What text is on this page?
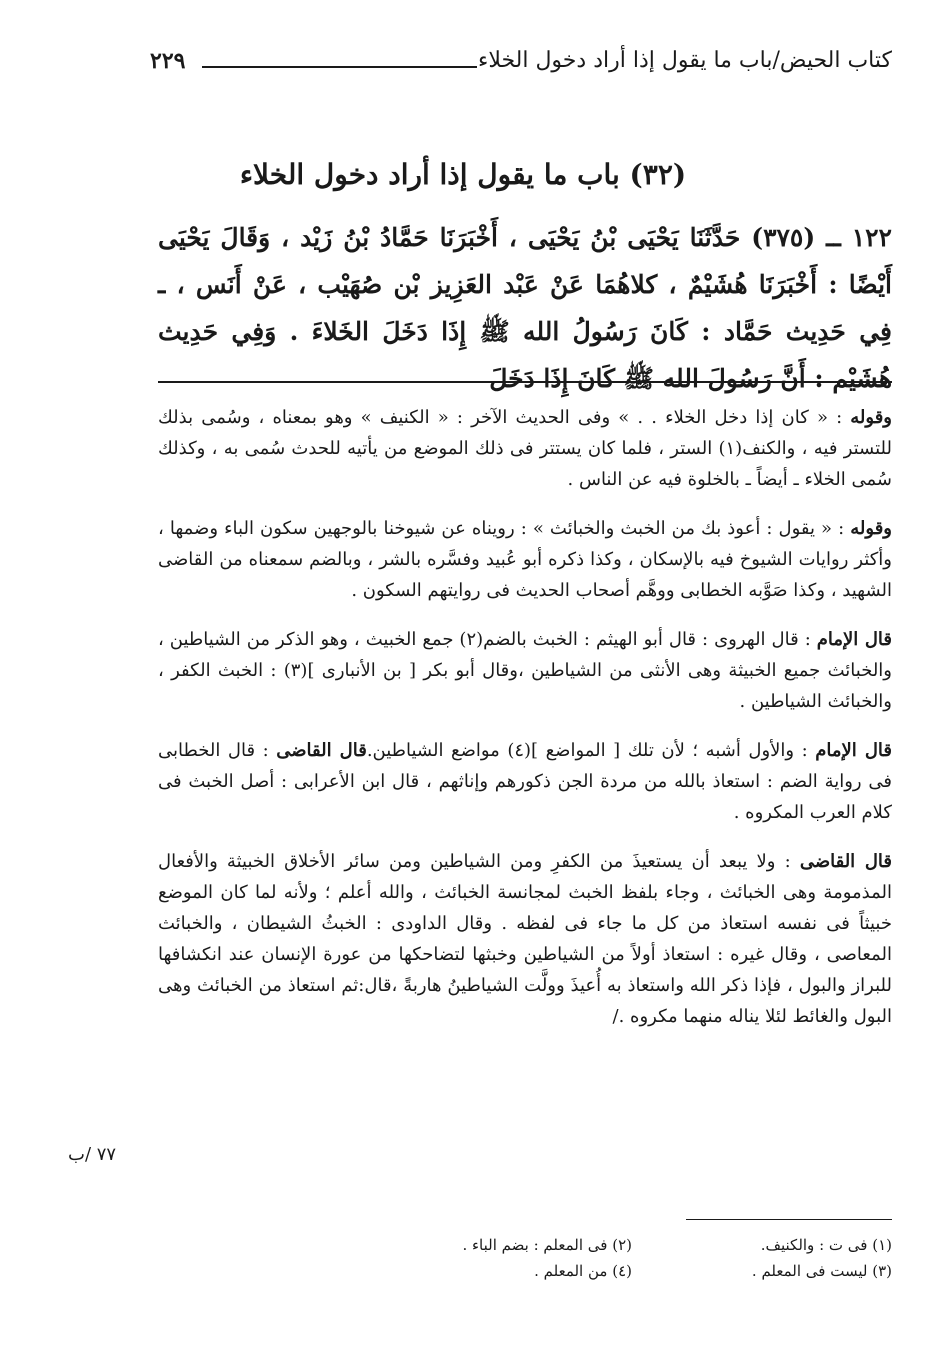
كتاب الحيض/باب ما يقول إذا أراد دخول الخلاء
٢٢٩
(٣٢) باب ما يقول إذا أراد دخول الخلاء
١٢٢ ــ (٣٧٥) حَدَّثَنَا يَحْيَى بْنُ يَحْيَى ، أَخْبَرَنَا حَمَّادُ بْنُ زَيْد ، وَقَالَ يَحْيَى أَيْضًا : أَخْبَرَنَا هُشَيْمٌ ، كلاهُمَا عَنْ عَبْد العَزِيز بْن صُهَيْب ، عَنْ أَنَس ، ـ فِي حَدِيث حَمَّاد : كَانَ رَسُولُ الله ﷺ إِذَا دَخَلَ الخَلاءَ . وَفِي حَدِيث هُشَيْم : أَنَّ رَسُولَ الله ﷺ كَانَ إِذَا دَخَلَ

وقوله : « كان إذا دخل الخلاء . . » وفى الحديث الآخر : « الكنيف » وهو بمعناه ، وسُمى بذلك للتستر فيه ، والكنف(١) الستر ، فلما كان يستتر فى ذلك الموضع من يأتيه للحدث سُمى به ، وكذلك سُمى الخلاء ـ أيضاً ـ بالخلوة فيه عن الناس .

وقوله : « يقول : أعوذ بك من الخبث والخبائث » : رويناه عن شيوخنا بالوجهين سكون الباء وضمها ، وأكثر روايات الشيوخ فيه بالإسكان ، وكذا ذكره أبو عُبيد وفسَّره بالشر ، وبالضم سمعناه من القاضى الشهيد ، وكذا صَوَّبه الخطابى ووهَّم أصحاب الحديث فى روايتهم السكون .

قال الإمام : قال الهروى : قال أبو الهيثم : الخبث بالضم(٢) جمع الخبيث ، وهو الذكر من الشياطين ، والخبائث جميع الخبيثة وهى الأنثى من الشياطين ،وقال أبو بكر [ بن الأنبارى ](٣) : الخبث الكفر ، والخبائث الشياطين .

قال الإمام : والأول أشبه ؛ لأن تلك [ المواضع ](٤) مواضع الشياطين.قال القاضى : قال الخطابى فى رواية الضم : استعاذ بالله من مردة الجن ذكورهم وإناثهم ، قال ابن الأعرابى : أصل الخبث فى كلام العرب المكروه .

قال القاضى : ولا يبعد أن يستعيذَ من الكفرِ ومن الشياطين ومن سائر الأخلاق الخبيثة والأفعال المذمومة وهى الخبائث ، وجاء بلفظ الخبث لمجانسة الخبائث ، والله أعلم ؛ ولأنه لما كان الموضع خبيثاً فى نفسه استعاذ من كل ما جاء فى لفظه . وقال الداودى : الخبثُ الشيطان ، والخبائث المعاصى ، وقال غيره : استعاذ أولاً من الشياطين وخبثها لتضاحكها من عورة الإنسان عند انكشافها للبراز والبول ، فإذا ذكر الله واستعاذ به أُعيذَ وولَّت الشياطينُ هاربةً ،قال:ثم استعاذ من الخبائث وهى البول والغائط لئلا يناله منهما مكروه ./

٧٧ /ب
(١) فى ت : والكنيف.
(٢) فى المعلم : بضم الباء .
(٣) ليست فى المعلم .
(٤) من المعلم .
